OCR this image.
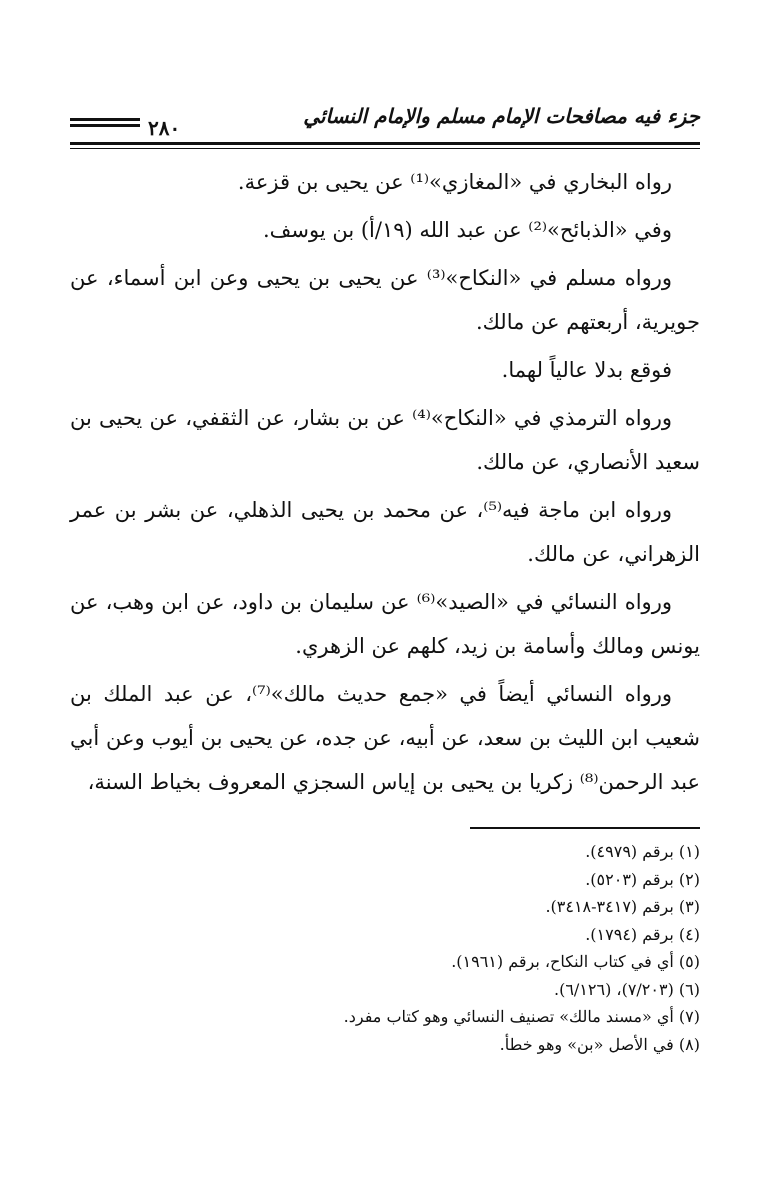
٢٨٠	جزء فيه مصافحات الإمام مسلم والإمام النسائي

رواه البخاري في «المغازي»⁽¹⁾ عن يحيى بن قزعة.

وفي «الذبائح»⁽²⁾ عن عبد الله (١٩/أ) بن يوسف.

ورواه مسلم في «النكاح»⁽³⁾ عن يحيى بن يحيى وعن ابن أسماء، عن جويرية، أربعتهم عن مالك.

فوقع بدلا عالياً لهما.

ورواه الترمذي في «النكاح»⁽⁴⁾ عن بن بشار، عن الثقفي، عن يحيى بن سعيد الأنصاري، عن مالك.

ورواه ابن ماجة فيه⁽⁵⁾، عن محمد بن يحيى الذهلي، عن بشر بن عمر الزهراني، عن مالك.

ورواه النسائي في «الصيد»⁽⁶⁾ عن سليمان بن داود، عن ابن وهب، عن يونس ومالك وأسامة بن زيد، كلهم عن الزهري.

ورواه النسائي أيضاً في «جمع حديث مالك»⁽⁷⁾، عن عبد الملك بن شعيب ابن الليث بن سعد، عن أبيه، عن جده، عن يحيى بن أيوب وعن أبي عبد الرحمن⁽⁸⁾ زكريا بن يحيى بن إياس السجزي المعروف بخياط السنة،

(١) برقم (٤٩٧٩).
(٢) برقم (٥٢٠٣).
(٣) برقم (٣٤١٧-٣٤١٨).
(٤) برقم (١٧٩٤).
(٥) أي في كتاب النكاح، برقم (١٩٦١).
(٦) (٧/٢٠٣)، (٦/١٢٦).
(٧) أي «مسند مالك» تصنيف النسائي وهو كتاب مفرد.
(٨) في الأصل «بن» وهو خطأ.
